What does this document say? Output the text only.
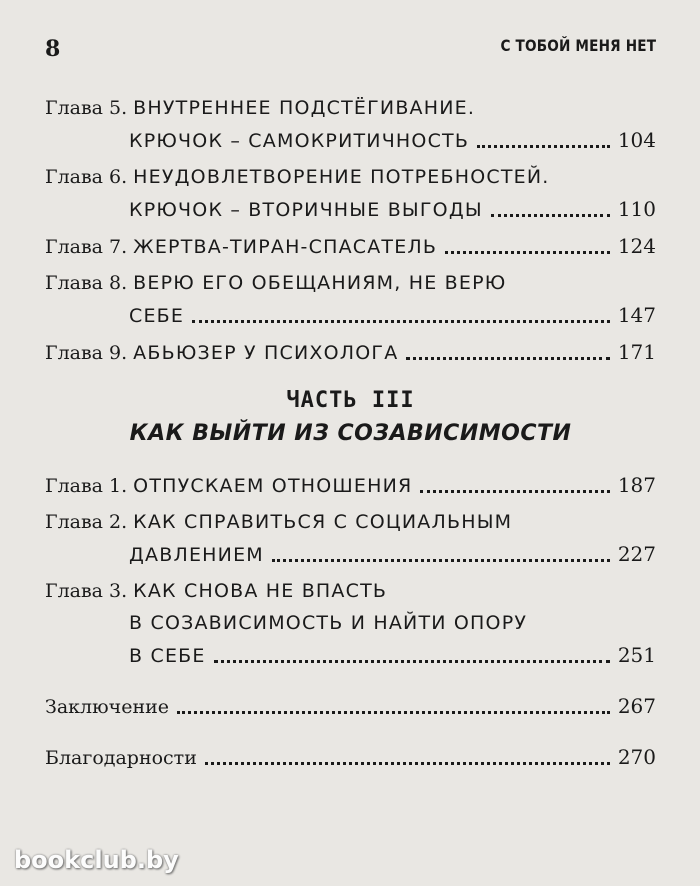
8	С ТОБОЙ МЕНЯ НЕТ
Глава 5. ВНУТРЕННЕЕ ПОДСТЁГИВАНИЕ.
КРЮЧОК – САМОКРИТИЧНОСТЬ	104
Глава 6. НЕУДОВЛЕТВОРЕНИЕ ПОТРЕБНОСТЕЙ.
КРЮЧОК – ВТОРИЧНЫЕ ВЫГОДЫ	110
Глава 7. ЖЕРТВА-ТИРАН-СПАСАТЕЛЬ	124
Глава 8. ВЕРЮ ЕГО ОБЕЩАНИЯМ, НЕ ВЕРЮ
СЕБЕ	147
Глава 9. АБЬЮЗЕР У ПСИХОЛОГА	171
ЧАСТЬ III
КАК ВЫЙТИ ИЗ СОЗАВИСИМОСТИ
Глава 1. ОТПУСКАЕМ ОТНОШЕНИЯ	187
Глава 2. КАК СПРАВИТЬСЯ С СОЦИАЛЬНЫМ
ДАВЛЕНИЕМ	227
Глава 3. КАК СНОВА НЕ ВПАСТЬ
В СОЗАВИСИМОСТЬ И НАЙТИ ОПОРУ
В СЕБЕ	251
Заключение	267
Благодарности	270
bookclub.by
